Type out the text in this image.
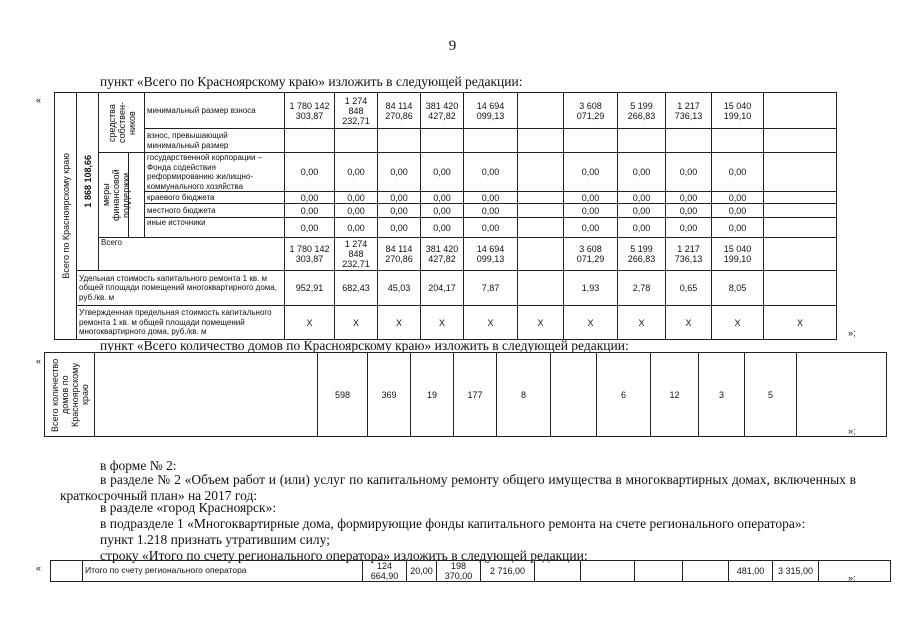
9
пункт «Всего по Красноярскому краю» изложить в следующей редакции:
«
Всего по Красноярскому краю	1 868 108,66	средства собствен-ников		минимальный размер взноса	1 780 142 303,87	1 274 848 232,71	84 114 270,86	381 420 427,82	14 694 099,13		3 608 071,29	5 199 266,83	1 217 736,13	15 040 199,10	
				взнос, превышающий минимальный размер											

		меры финансовой поддержки		государственной корпорации – Фонда содействия реформированию жилищно-коммунального хозяйства	0,00	0,00	0,00	0,00	0,00		0,00	0,00	0,00	0,00	
				краевого бюджета	0,00	0,00	0,00	0,00	0,00		0,00	0,00	0,00	0,00	
				местного бюджета	0,00	0,00	0,00	0,00	0,00		0,00	0,00	0,00	0,00	
				иные источники	0,00	0,00	0,00	0,00	0,00		0,00	0,00	0,00	0,00	
		Всего			1 780 142 303,87	1 274 848 232,71	84 114 270,86	381 420 427,82	14 694 099,13		3 608 071,29	5 199 266,83	1 217 736,13	15 040 199,10	
	Удельная стоимость капитального ремонта 1 кв. м общей площади помещений многоквартирного дома, руб./кв. м				952,91	682,43	45,03	204,17	7,87		1,93	2,78	0,65	8,05	
	Утвержденная предельная стоимость капитального ремонта 1 кв. м общей площади помещений многоквартирного дома, руб./кв. м				Х	Х	Х	Х	Х	Х	Х	Х	Х	Х	Х
»;
пункт «Всего количество домов по Красноярскому краю» изложить в следующей редакции:
« Всего количество домов по Красноярскому краю		598	369	19	177	8		6	12	3	5	
»;
в форме № 2:
в разделе № 2 «Объем работ и (или) услуг по капитальному ремонту общего имущества в многоквартирных домах, включенных в краткосрочный план» на 2017 год:
в разделе «город Красноярск»:
в подразделе 1 «Многоквартирные дома, формирующие фонды капитального ремонта на счете регионального оператора»:
пункт 1.218 признать утратившим силу;
строку «Итого по счету регионального оператора» изложить в следующей редакции:
«
		Итого по счету регионального оператора	124 664,90	20,00	198 370,00	2 716,00					481,00	3 315,00	
»;
